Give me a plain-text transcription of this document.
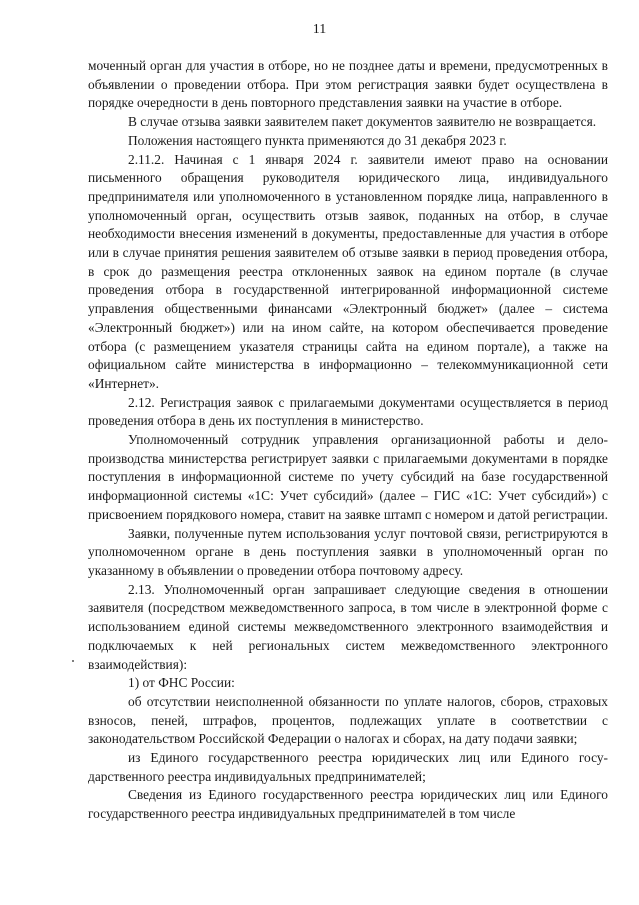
11

моченный орган для участия в отборе, но не позднее даты и времени, предусмотренных в объявлении о проведении отбора. При этом регистрация заявки будет осуществлена в порядке очередности в день повторного представления заявки на участие в отборе.

В случае отзыва заявки заявителем пакет документов заявителю не возвращается.

Положения настоящего пункта применяются до 31 декабря 2023 г.

2.11.2. Начиная с 1 января 2024 г. заявители имеют право на основании письменного обращения руководителя юридического лица, индивидуального предпринимателя или уполномоченного в установленном порядке лица, направленного в уполномоченный орган, осуществить отзыв заявок, поданных на отбор, в случае необходимости внесения изменений в документы, предоставленные для участия в отборе или в случае принятия решения заявителем об отзыве заявки в период проведения отбора, в срок до размещения реестра отклоненных заявок на едином портале (в случае проведения отбора в государственной интегрированной информационной системе управления общественными финансами «Электронный бюджет» (далее – система «Электронный бюджет») или на ином сайте, на котором обеспечивается проведение отбора (с размещением указателя страницы сайта на едином портале), а также на официальном сайте министерства в информационно – телекоммуникационной сети «Интернет».

2.12. Регистрация заявок с прилагаемыми документами осуществляется в период проведения отбора в день их поступления в министерство.

Уполномоченный сотрудник управления организационной работы и делопроизводства министерства регистрирует заявки с прилагаемыми документами в порядке поступления в информационной системе по учету субсидий на базе государственной информационной системы «1С: Учет субсидий» (далее – ГИС «1С: Учет субсидий») с присвоением порядкового номера, ставит на заявке штамп с номером и датой регистрации.

Заявки, полученные путем использования услуг почтовой связи, регистрируются в уполномоченном органе в день поступления заявки в уполномоченный орган по указанному в объявлении о проведении отбора почтовому адресу.

2.13. Уполномоченный орган запрашивает следующие сведения в отношении заявителя (посредством межведомственного запроса, в том числе в электронной форме с использованием единой системы межведомственного электронного взаимодействия и подключаемых к ней региональных систем межведомственного электронного взаимодействия):

1) от ФНС России:

об отсутствии неисполненной обязанности по уплате налогов, сборов, страховых взносов, пеней, штрафов, процентов, подлежащих уплате в соответствии с законодательством Российской Федерации о налогах и сборах, на дату подачи заявки;

из Единого государственного реестра юридических лиц или Единого государственного реестра индивидуальных предпринимателей;

Сведения из Единого государственного реестра юридических лиц или Единого государственного реестра индивидуальных предпринимателей в том числе
